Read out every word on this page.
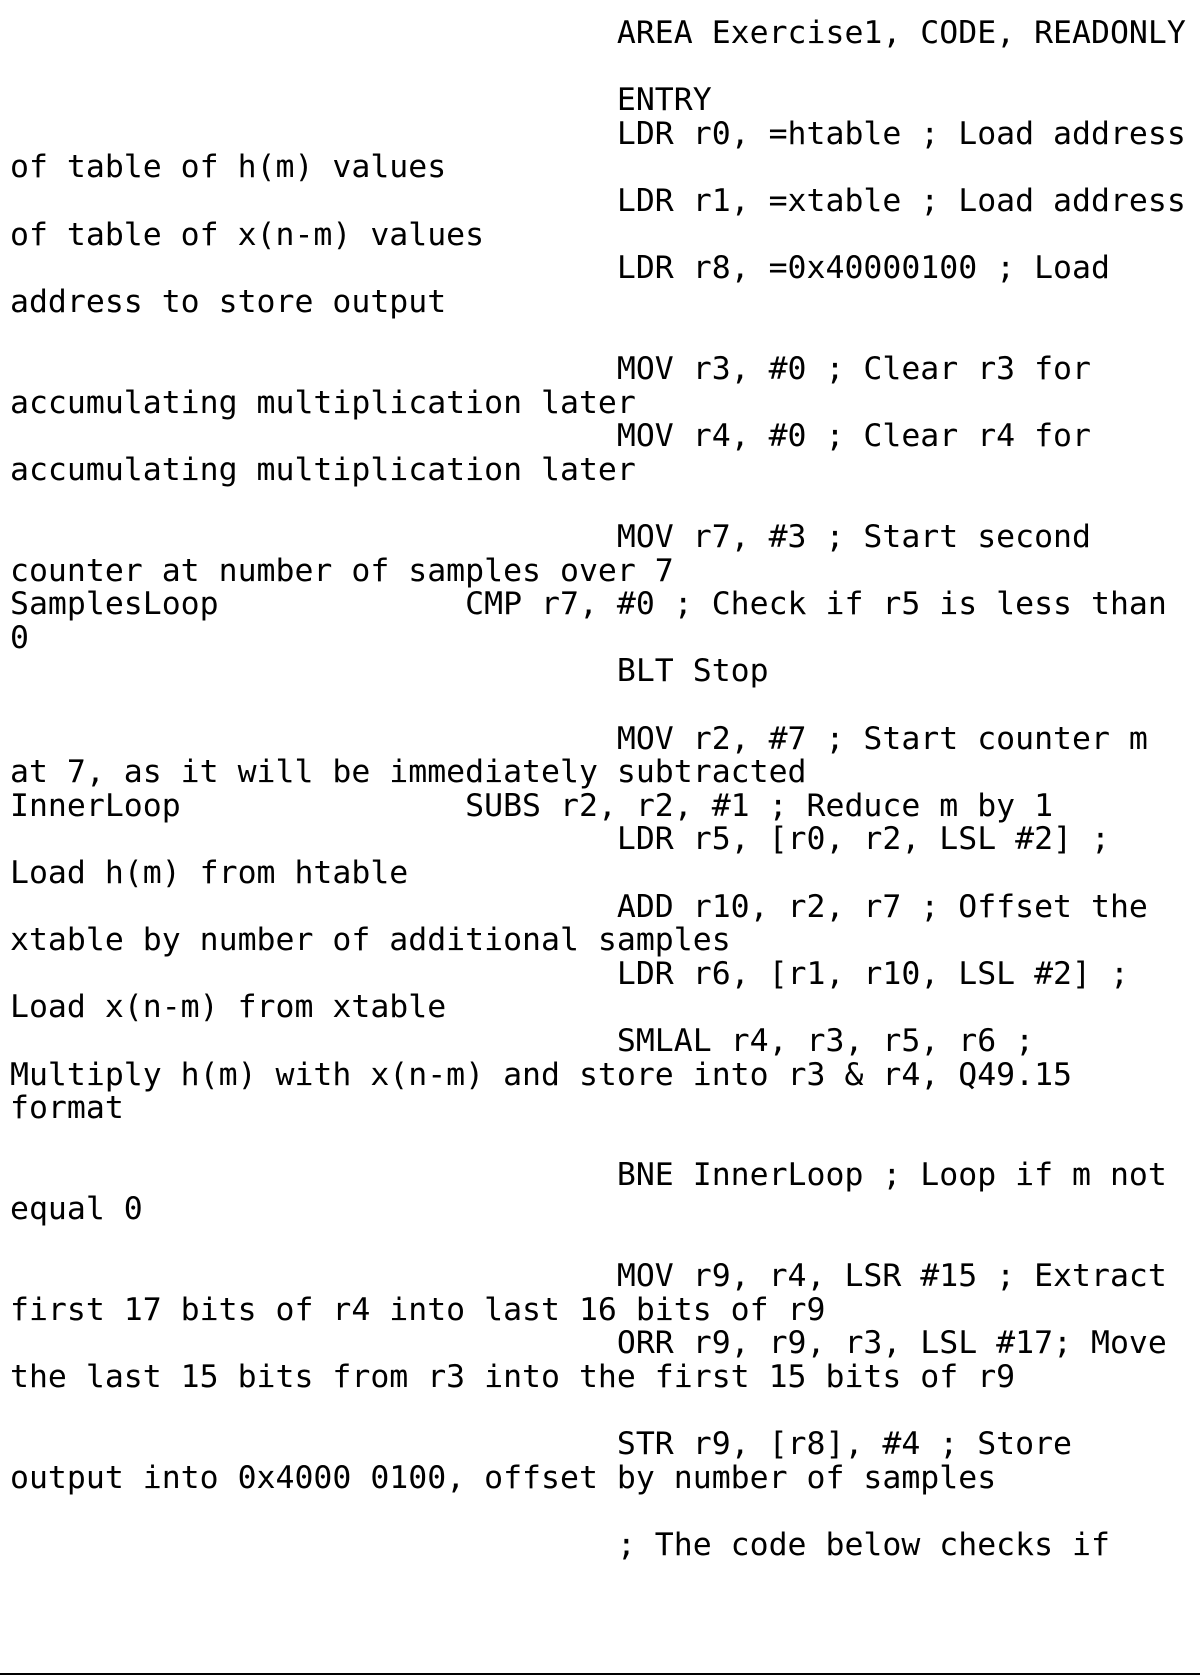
AREA Exercise1, CODE, READONLY
ENTRY
LDR r0, =htable ; Load address
of table of h(m) values
LDR r1, =xtable ; Load address
of table of x(n-m) values
LDR r8, =0x40000100 ; Load
address to store output
MOV r3, #0 ; Clear r3 for
accumulating multiplication later
MOV r4, #0 ; Clear r4 for
accumulating multiplication later
MOV r7, #3 ; Start second
counter at number of samples over 7
SamplesLoop             CMP r7, #0 ; Check if r5 is less than
0
BLT Stop
MOV r2, #7 ; Start counter m
at 7, as it will be immediately subtracted
InnerLoop               SUBS r2, r2, #1 ; Reduce m by 1
LDR r5, [r0, r2, LSL #2] ;
Load h(m) from htable
ADD r10, r2, r7 ; Offset the
xtable by number of additional samples
LDR r6, [r1, r10, LSL #2] ;
Load x(n-m) from xtable
SMLAL r4, r3, r5, r6 ;
Multiply h(m) with x(n-m) and store into r3 & r4, Q49.15
format
BNE InnerLoop ; Loop if m not
equal 0
MOV r9, r4, LSR #15 ; Extract
first 17 bits of r4 into last 16 bits of r9
ORR r9, r9, r3, LSL #17; Move
the last 15 bits from r3 into the first 15 bits of r9
STR r9, [r8], #4 ; Store
output into 0x4000 0100, offset by number of samples
; The code below checks if
